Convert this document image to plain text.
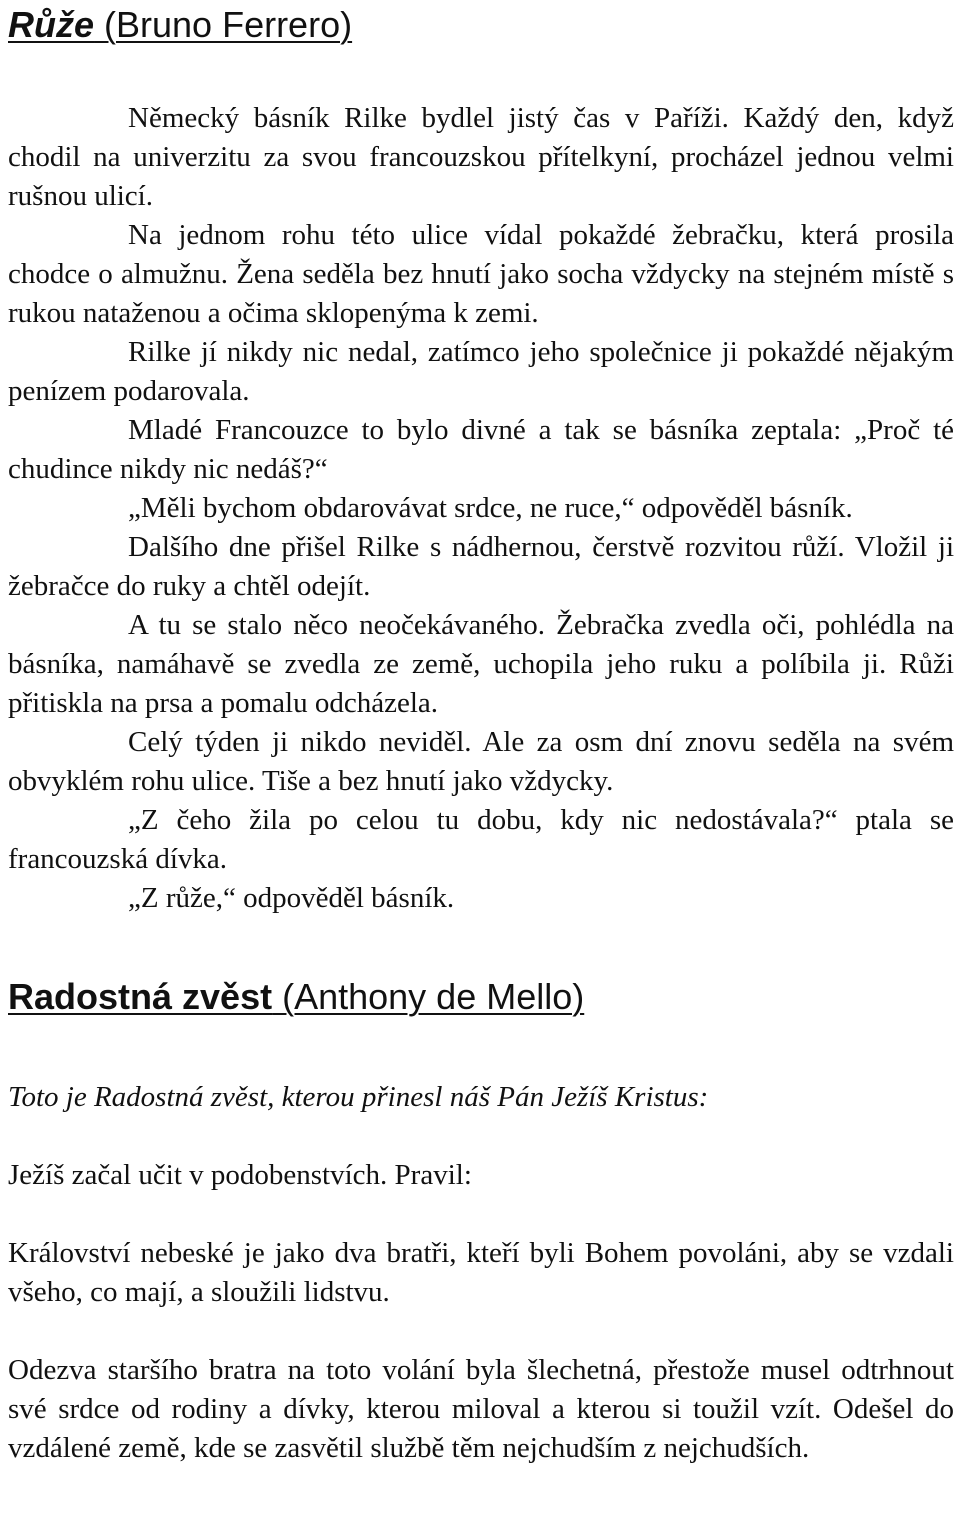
Růže (Bruno Ferrero)

Německý básník Rilke bydlel jistý čas v Paříži. Každý den, když chodil na univerzitu za svou francouzskou přítelkyní, procházel jednou velmi rušnou ulicí.

Na jednom rohu této ulice vídal pokaždé žebračku, která prosila chodce o almužnu. Žena seděla bez hnutí jako socha vždycky na stejném místě s rukou nataženou a očima sklopenýma k zemi.

Rilke jí nikdy nic nedal, zatímco jeho společnice ji pokaždé nějakým penízem podarovala.

Mladé Francouzce to bylo divné a tak se básníka zeptala: „Proč té chudince nikdy nic nedáš?“

„Měli bychom obdarovávat srdce, ne ruce,“ odpověděl básník.

Dalšího dne přišel Rilke s nádhernou, čerstvě rozvitou růží. Vložil ji žebračce do ruky a chtěl odejít.

A tu se stalo něco neočekávaného. Žebračka zvedla oči, pohlédla na básníka, namáhavě se zvedla ze země, uchopila jeho ruku a políbila ji. Růži přitiskla na prsa a pomalu odcházela.

Celý týden ji nikdo neviděl. Ale za osm dní znovu seděla na svém obvyklém rohu ulice. Tiše a bez hnutí jako vždycky.

„Z čeho žila po celou tu dobu, kdy nic nedostávala?“ ptala se francouzská dívka.

„Z růže,“ odpověděl básník.

Radostná zvěst (Anthony de Mello)

Toto je Radostná zvěst, kterou přinesl náš Pán Ježíš Kristus:

Ježíš začal učit v podobenstvích. Pravil:

Království nebeské je jako dva bratři, kteří byli Bohem povoláni, aby se vzdali všeho, co mají, a sloužili lidstvu.

Odezva staršího bratra na toto volání byla šlechetná, přestože musel odtrhnout své srdce od rodiny a dívky, kterou miloval a kterou si toužil vzít. Odešel do vzdálené země, kde se zasvětil službě těm nejchudším z nejchudších.
